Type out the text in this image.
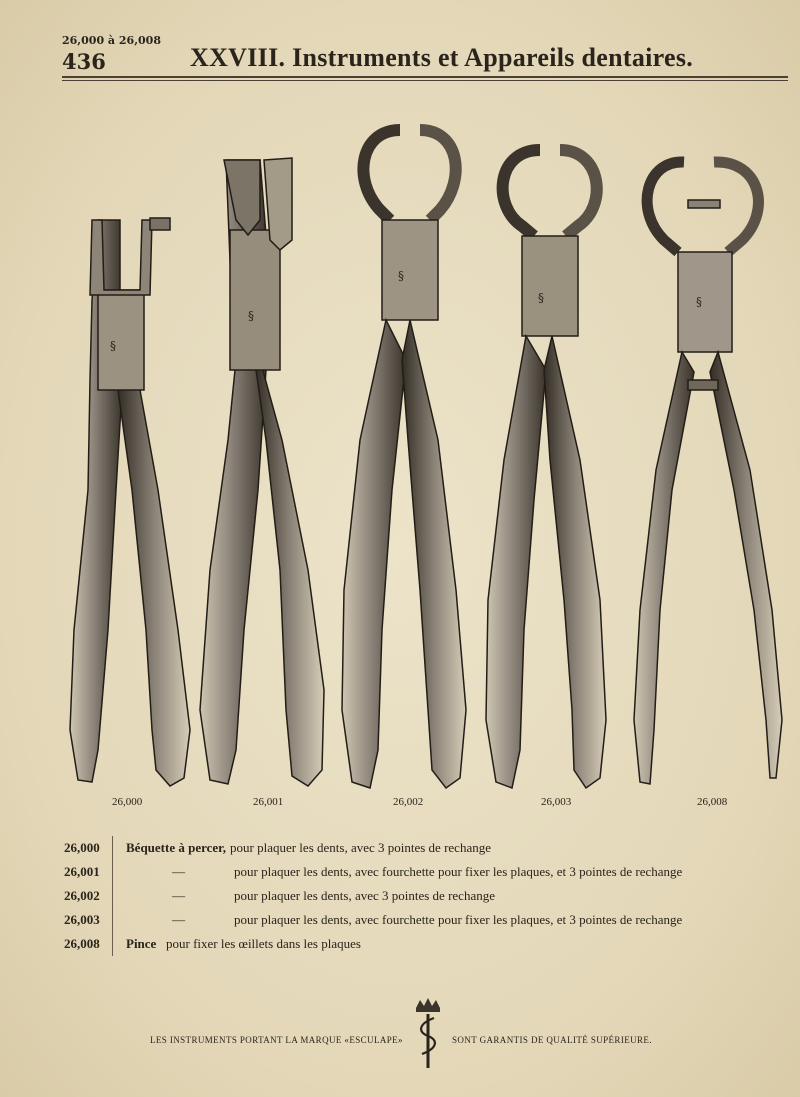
26,000 à 26,008
436	XXVIII. Instruments et Appareils dentaires.
§
§
§
§	§
26,000	26,001	26,002	26,003	26,008
26,000 Béquette à percer, pour plaquer les dents, avec 3 pointes de rechange
26,001	—	pour plaquer les dents, avec fourchette pour fixer les plaques, et 3 pointes de rechange
26,002	—	pour plaquer les dents, avec 3 pointes de rechange
26,003	—	pour plaquer les dents, avec fourchette pour fixer les plaques, et 3 pointes de rechange
26,008 Pince pour fixer les œillets dans les plaques
LES INSTRUMENTS PORTANT LA MARQUE «ESCULAPE»	SONT GARANTIS DE QUALITÉ SUPÉRIEURE.
